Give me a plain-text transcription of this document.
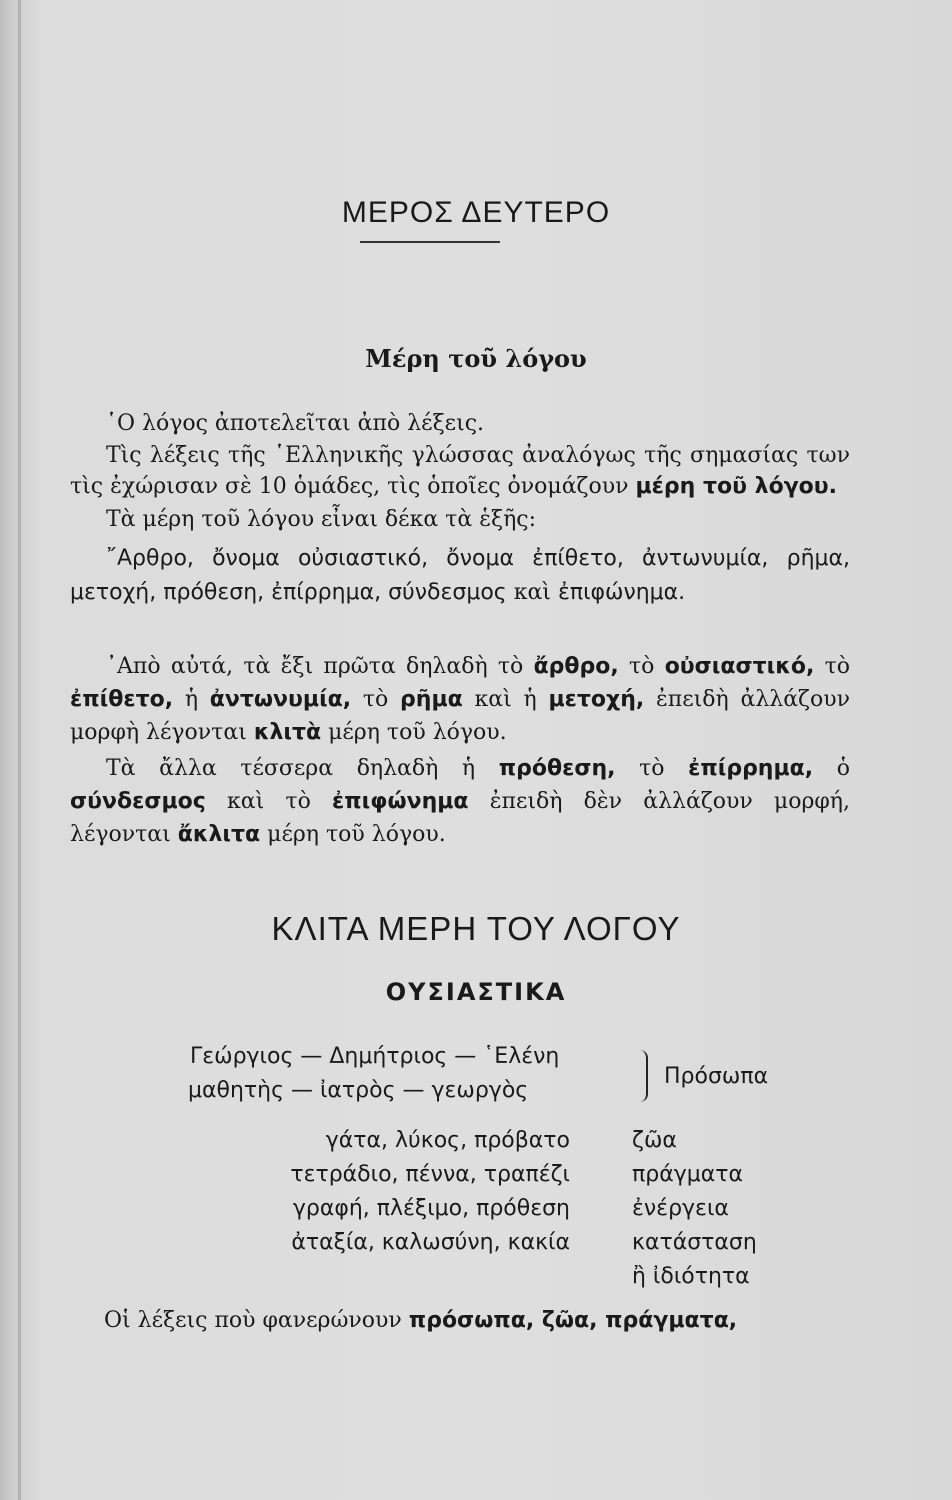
ΜΕΡΟΣ ΔΕΥΤΕΡΟ
Μέρη τοῦ λόγου

῾Ο λόγος ἀποτελεῖται ἀπὸ λέξεις.

Τὶς λέξεις τῆς ῾Ελληνικῆς γλώσσας ἀναλόγως τῆς σημασίας των τὶς ἐχώρισαν σὲ 10 ὁμάδες, τὶς ὁποῖες ὀνομάζουν μέρη τοῦ λόγου.

Τὰ μέρη τοῦ λόγου εἶναι δέκα τὰ ἑξῆς:

῎Αρθρο, ὄνομα οὐσιαστικό, ὄνομα ἐπίθετο, ἀντωνυμία, ρῆμα, μετοχή, πρόθεση, ἐπίρρημα, σύνδεσμος καὶ ἐπιφώνημα.

᾿Απὸ αὐτά, τὰ ἔξι πρῶτα δηλαδὴ τὸ ἄρθρο, τὸ οὐσιαστικό, τὸ ἐπίθετο, ἡ ἀντωνυμία, τὸ ρῆμα καὶ ἡ μετοχή, ἐπειδὴ ἀλλάζουν μορφὴ λέγονται κλιτὰ μέρη τοῦ λόγου.

Τὰ ἄλλα τέσσερα δηλαδὴ ἡ πρόθεση, τὸ ἐπίρρημα, ὁ σύνδεσμος καὶ τὸ ἐπιφώνημα ἐπειδὴ δὲν ἀλλάζουν μορφή, λέγονται ἄκλιτα μέρη τοῦ λόγου.

ΚΛΙΤΑ ΜΕΡΗ ΤΟΥ ΛΟΓΟΥ
ΟΥΣΙΑΣΤΙΚΑ
Γεώργιος — Δημήτριος — ῾Ελένη
μαθητὴς — ἰατρὸς — γεωργὸς
Πρόσωπα
γάτα, λύκος, πρόβατο	ζῶα
τετράδιο, πέννα, τραπέζι	πράγματα
γραφή, πλέξιμο, πρόθεση	ἐνέργεια
ἀταξία, καλωσύνη, κακία	κατάσταση
ἢ ἰδιότητα
Οἱ λέξεις ποὺ φανερώνουν πρόσωπα, ζῶα, πράγματα,
